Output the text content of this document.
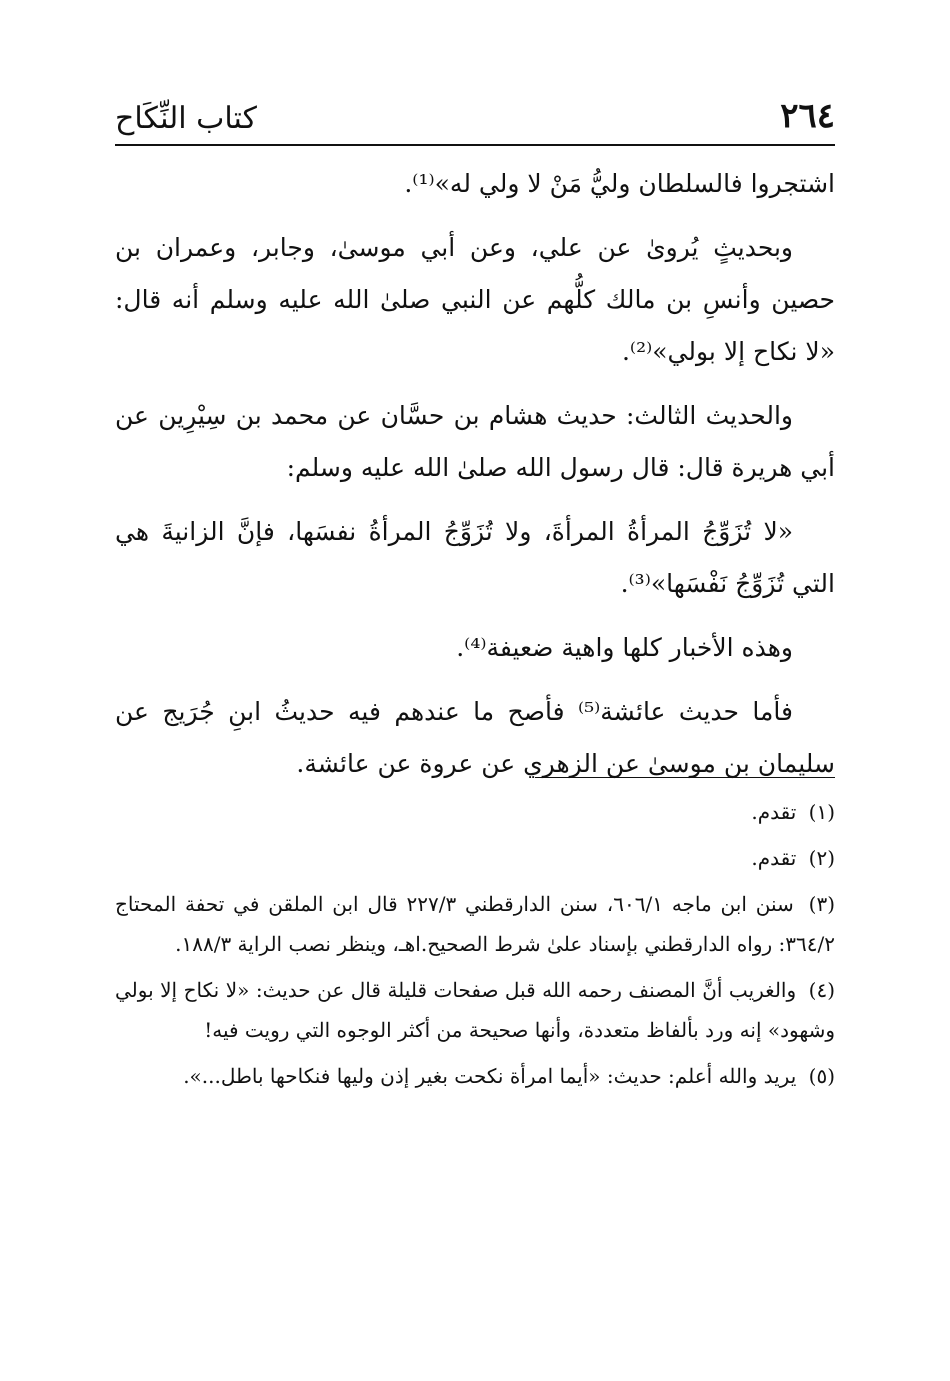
٢٦٤
كتاب النِّكَاح

اشتجروا فالسلطان وليُّ مَنْ لا ولي له»⁽¹⁾.

وبحديثٍ يُروىٰ عن علي، وعن أبي موسىٰ، وجابر، وعمران بن حصين وأنسِ بن مالك كلُّهم عن النبي صلىٰ الله عليه وسلم أنه قال: «لا نكاح إلا بولي»⁽²⁾.

والحديث الثالث: حديث هشام بن حسَّان عن محمد بن سِيْرِين عن أبي هريرة قال: قال رسول الله صلىٰ الله عليه وسلم:

«لا تُزَوِّجُ المرأةُ المرأةَ، ولا تُزَوِّجُ المرأةُ نفسَها، فإنَّ الزانيةَ هي التي تُزَوِّجُ نَفْسَها»⁽³⁾.

وهذه الأخبار كلها واهية ضعيفة⁽⁴⁾.

فأما حديث عائشة⁽⁵⁾ فأصح ما عندهم فيه حديثُ ابنِ جُرَيج عن سليمان بن موسىٰ عن الزهري عن عروة عن عائشة.

(١) تقدم.

(٢) تقدم.

(٣) سنن ابن ماجه ٦٠٦/١، سنن الدارقطني ٢٢٧/٣ قال ابن الملقن في تحفة المحتاج ٣٦٤/٢: رواه الدارقطني بإسناد علىٰ شرط الصحيح.اهـ، وينظر نصب الراية ١٨٨/٣.

(٤) والغريب أنَّ المصنف رحمه الله قبل صفحات قليلة قال عن حديث: «لا نكاح إلا بولي وشهود» إنه ورد بألفاظ متعددة، وأنها صحيحة من أكثر الوجوه التي رويت فيه!

(٥) يريد والله أعلم: حديث: «أيما امرأة نكحت بغير إذن وليها فنكاحها باطل...».
